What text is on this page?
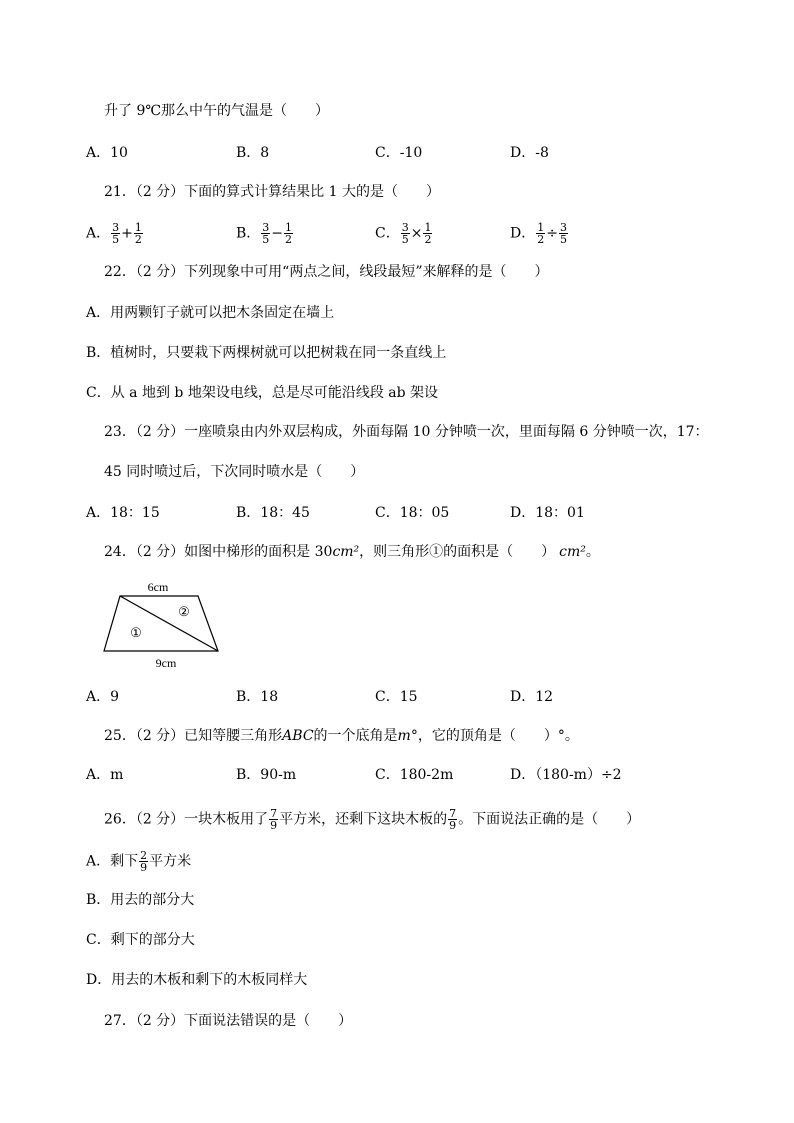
升了 9℃那么中午的气温是（　　）
A．10	B．8	C．-10	D．-8
21．（2 分）下面的算式计算结果比 1 大的是（　　）
A． $\frac{3}{5} + \frac{1}{2}$	B． $\frac{3}{5} - \frac{1}{2}$	C． $\frac{3}{5} \times \frac{1}{2}$	D． $\frac{1}{2} \div \frac{3}{5}$
22．（2 分）下列现象中可用“两点之间，线段最短”来解释的是（　　）
A．用两颗钉子就可以把木条固定在墙上
B．植树时，只要栽下两棵树就可以把树栽在同一条直线上
C．从 a 地到 b 地架设电线，总是尽可能沿线段 ab 架设
23．（2 分）一座喷泉由内外双层构成，外面每隔 10 分钟喷一次，里面每隔 6 分钟喷一次，17：
45 同时喷过后，下次同时喷水是（　　）
A．18：15	B．18：45	C．18：05	D．18：01
24．（2 分）如图中梯形的面积是 30cm²，则三角形①的面积是（　　） cm²。
6cm
9cm
①
②
A．9	B．18	C．15	D．12
25．（2 分）已知等腰三角形ABC的一个底角是m°，它的顶角是（　　）°。
A．m	B．90-m	C．180-2m	D．（180-m）÷2
26．（2 分）一块木板用了 $\frac{7}{9}$ 平方米，还剩下这块木板的 $\frac{7}{9}$ 。下面说法正确的是（　　）
A．剩下 $\frac{2}{9}$ 平方米
B．用去的部分大
C．剩下的部分大
D．用去的木板和剩下的木板同样大
27．（2 分）下面说法错误的是（　　）
